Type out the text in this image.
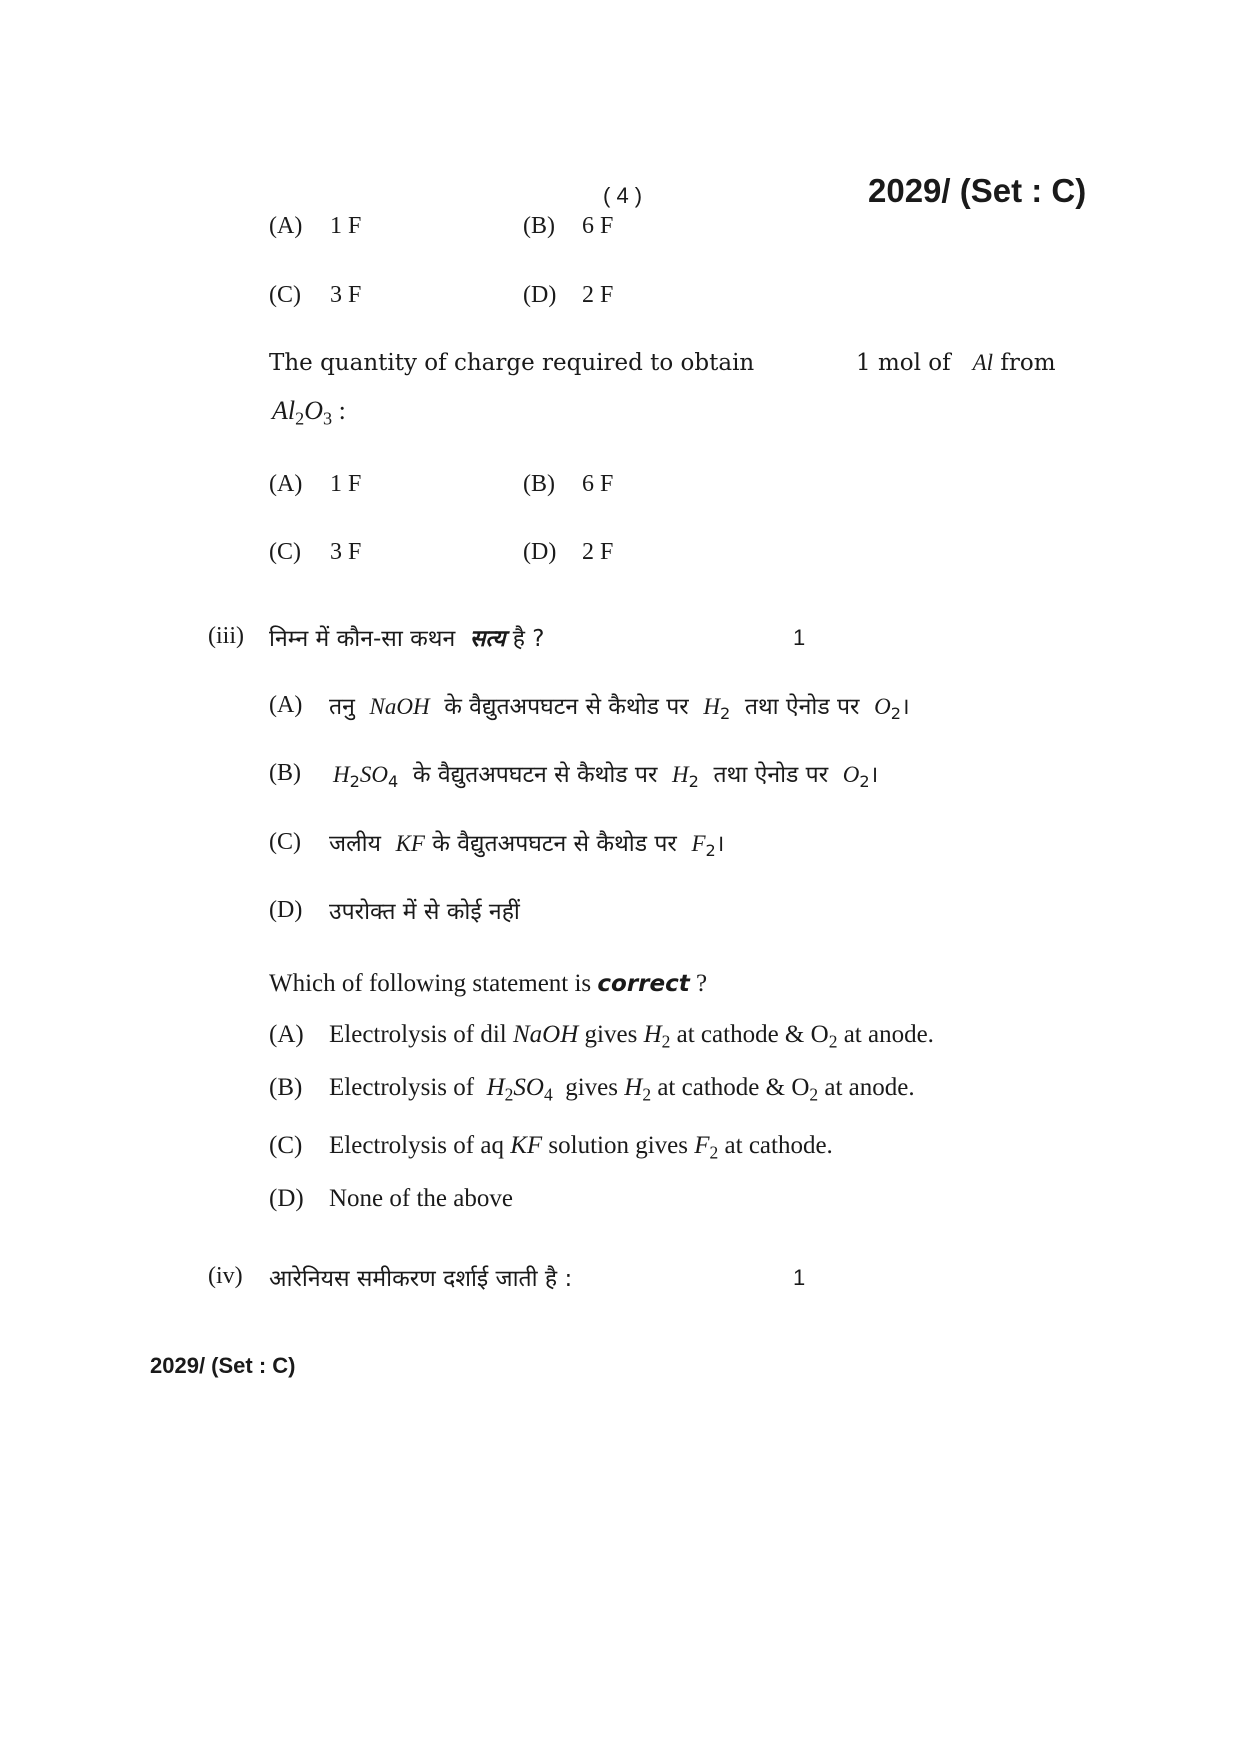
( 4 )	2029/ (Set : C)
(A) 1 F	(B) 6 F
(C) 3 F	(D) 2 F
The quantity of charge required to obtain	1 mol of Al from
$Al_2O_3$ :
(A) 1 F	(B) 6 F
(C) 3 F	(D) 2 F
(iii) निम्न में कौन-सा कथन सत्य है ?	1
(A) तनु NaOH के वैद्युतअपघटन से कैथोड पर $H_2$ तथा ऐनोड पर $O_2।$
(B) $H_2SO_4$ के वैद्युतअपघटन से कैथोड पर $H_2$ तथा ऐनोड पर $O_2।$
(C) जलीय KF के वैद्युतअपघटन से कैथोड पर $F_2।$
(D) उपरोक्त में से कोई नहीं
Which of following statement is correct ?
(A) Electrolysis of dil NaOH gives $H_2$ at cathode & $O_2$ at anode.
(B) Electrolysis of $H_2SO_4$ gives $H_2$ at cathode & $O_2$ at anode.
(C) Electrolysis of aq KF solution gives $F_2$ at cathode.
(D) None of the above
(iv) आरेनियस समीकरण दर्शाई जाती है :	1
2029/ (Set : C)
